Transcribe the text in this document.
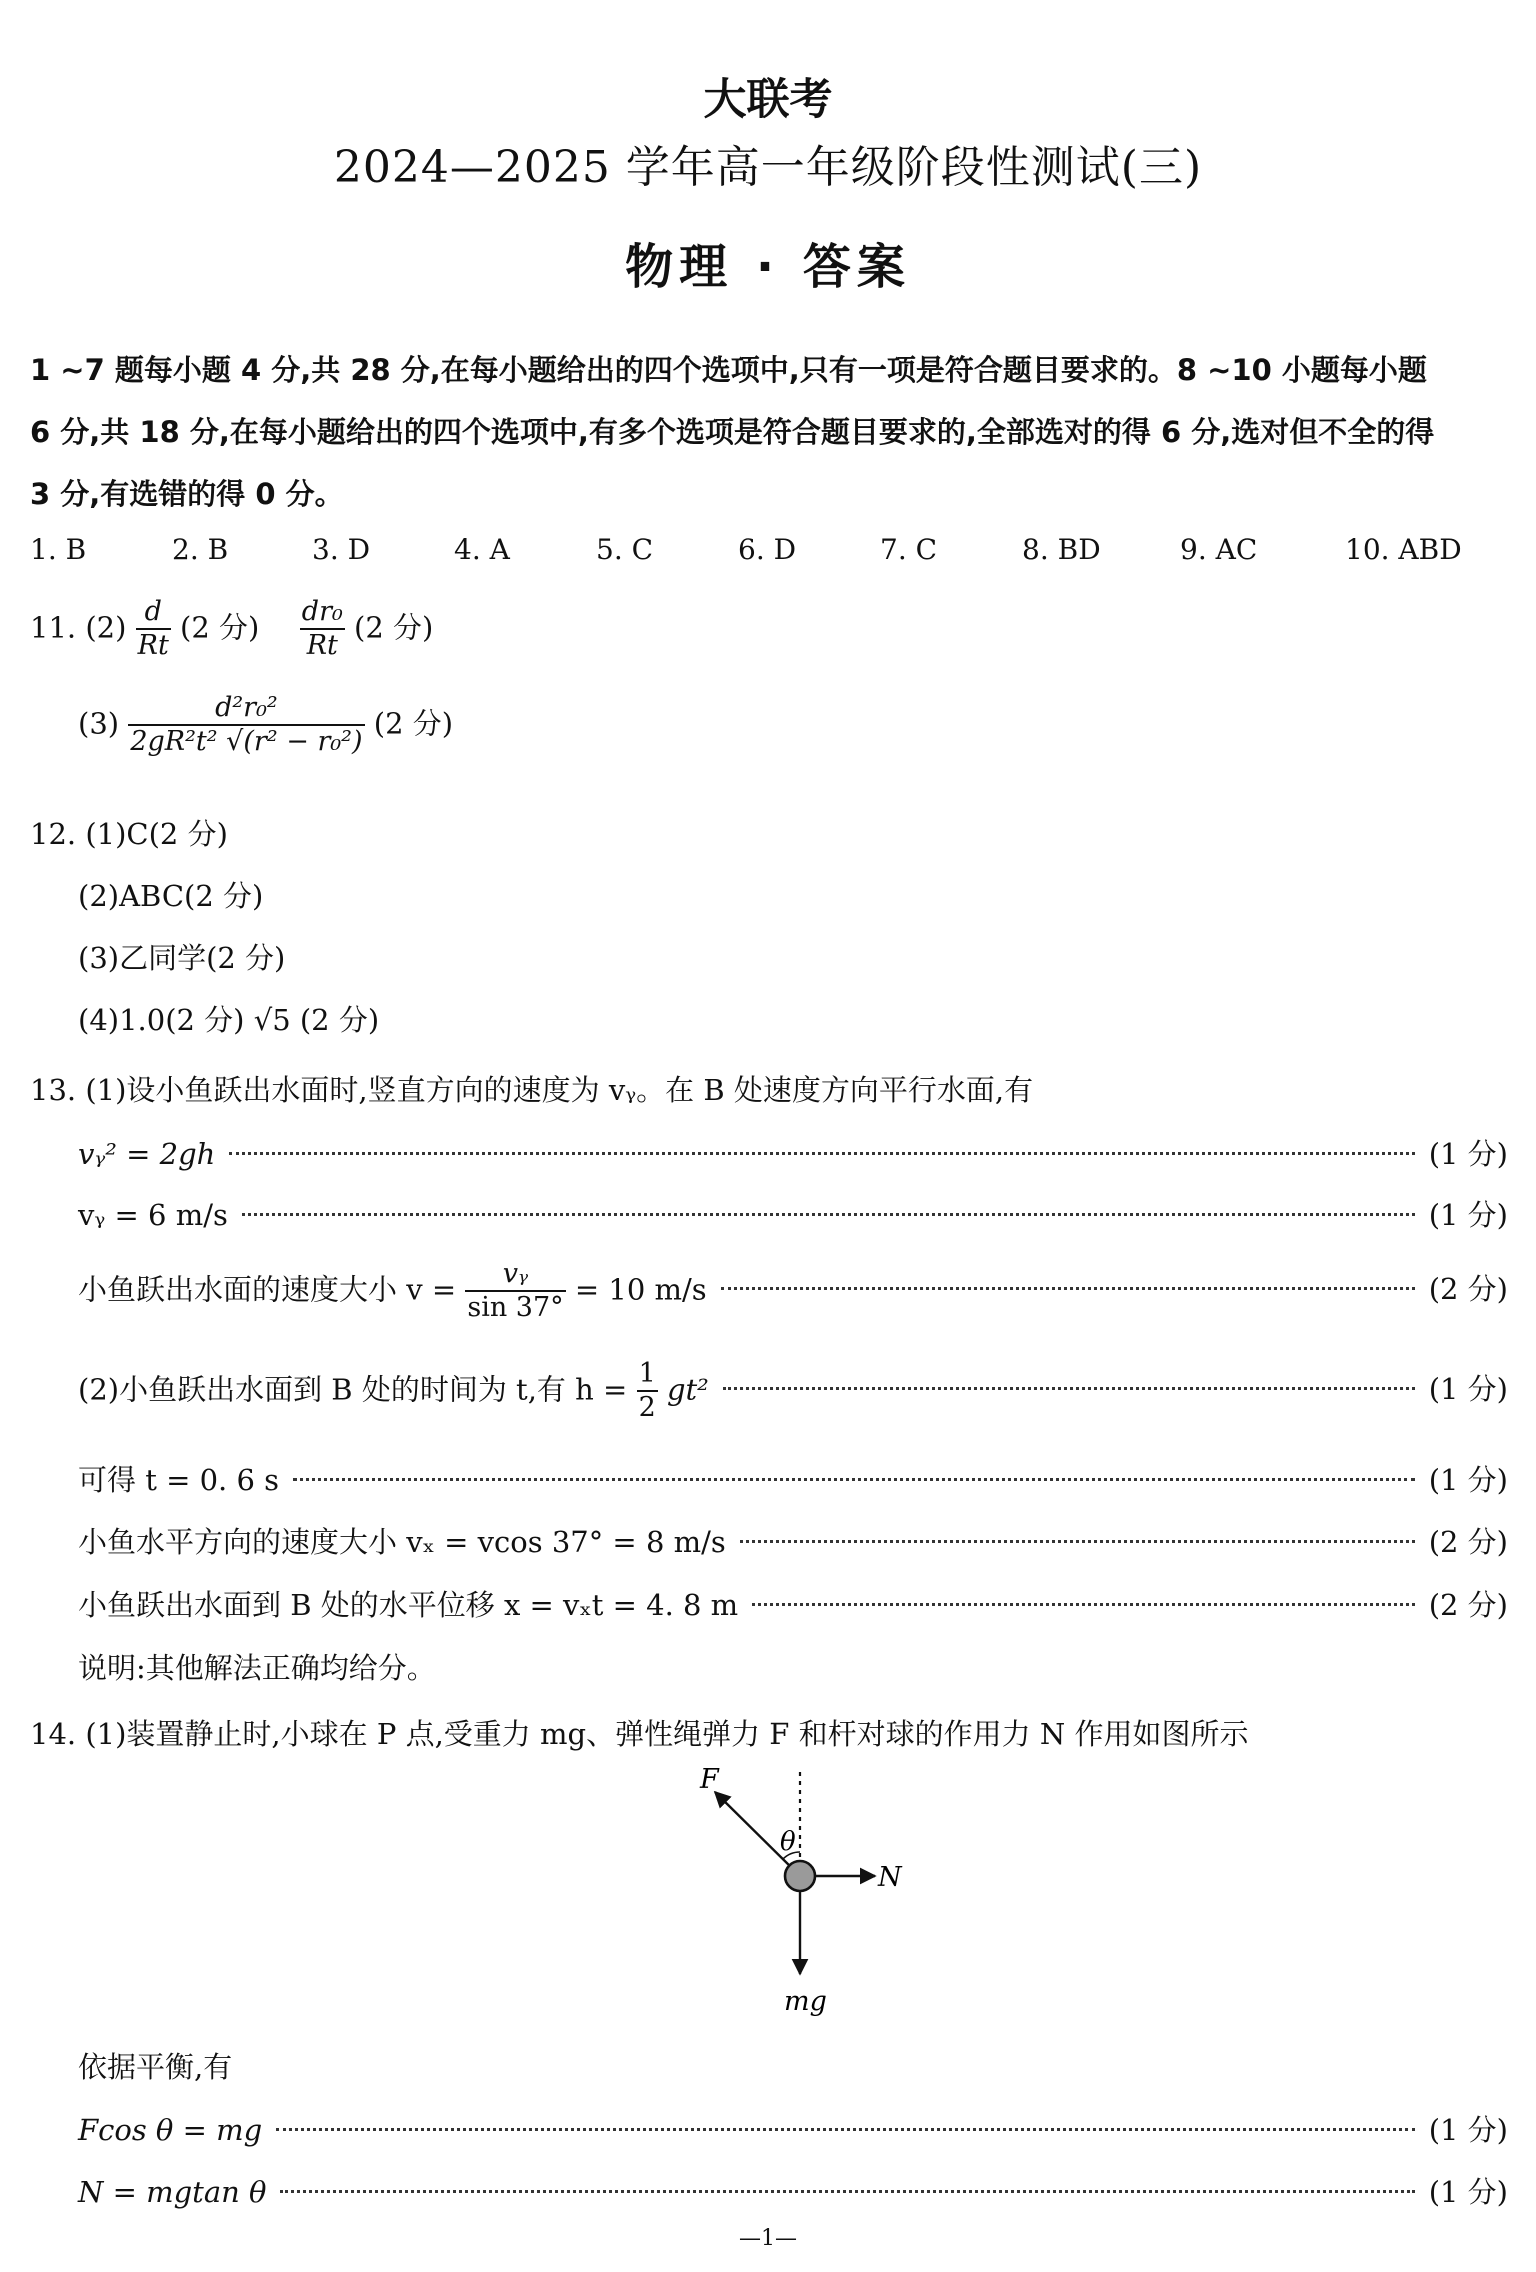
大联考
2024—2025 学年高一年级阶段性测试(三)
物理 · 答案
1 ~7 题每小题 4 分,共 28 分,在每小题给出的四个选项中,只有一项是符合题目要求的。8 ~10 小题每小题
6 分,共 18 分,在每小题给出的四个选项中,有多个选项是符合题目要求的,全部选对的得 6 分,选对但不全的得
3 分,有选错的得 0 分。
1. B	2. B	3. D	4. A	5. C	6. D	7. C	8. BD	9. AC	10. ABD
11. $(2) \frac{d}{Rt} (2$ 分) $\frac{\text{dr₀}}{Rt} (2$ 分)
$(3) \frac{\text{d²r₀²}}{\text{2gR²t² √(r² − r₀²)}} (2$ 分)
12. (1)C(2 分)
(2)ABC(2 分)
(3)乙同学(2 分)
(4)1.0(2 分) √5 (2 分)
13. (1)设小鱼跃出水面时,竖直方向的速度为 vᵧ。在 B 处速度方向平行水面,有
vᵧ² = 2gh	(1 分)
vᵧ = 6 m/s	(1 分)
小鱼跃出水面的速度大小 $v = \frac{\text{vᵧ}}{\sin 37^\circ} = 10$ m/s	(2 分)
(2)小鱼跃出水面到 B 处的时间为 t,有 $h = \frac{1}{2} gt^2$	(1 分)
可得 t = 0. 6 s	(1 分)
小鱼水平方向的速度大小 vₓ = vcos 37° = 8 m/s	(2 分)
小鱼跃出水面到 B 处的水平位移 x = vₓt = 4. 8 m	(2 分)
说明:其他解法正确均给分。
14. (1)装置静止时,小球在 P 点,受重力 mg、弹性绳弹力 F 和杆对球的作用力 N 作用如图所示
F
θ
N
mg
依据平衡,有
Fcos θ = mg	(1 分)
N = mgtan θ	(1 分)
—1—
